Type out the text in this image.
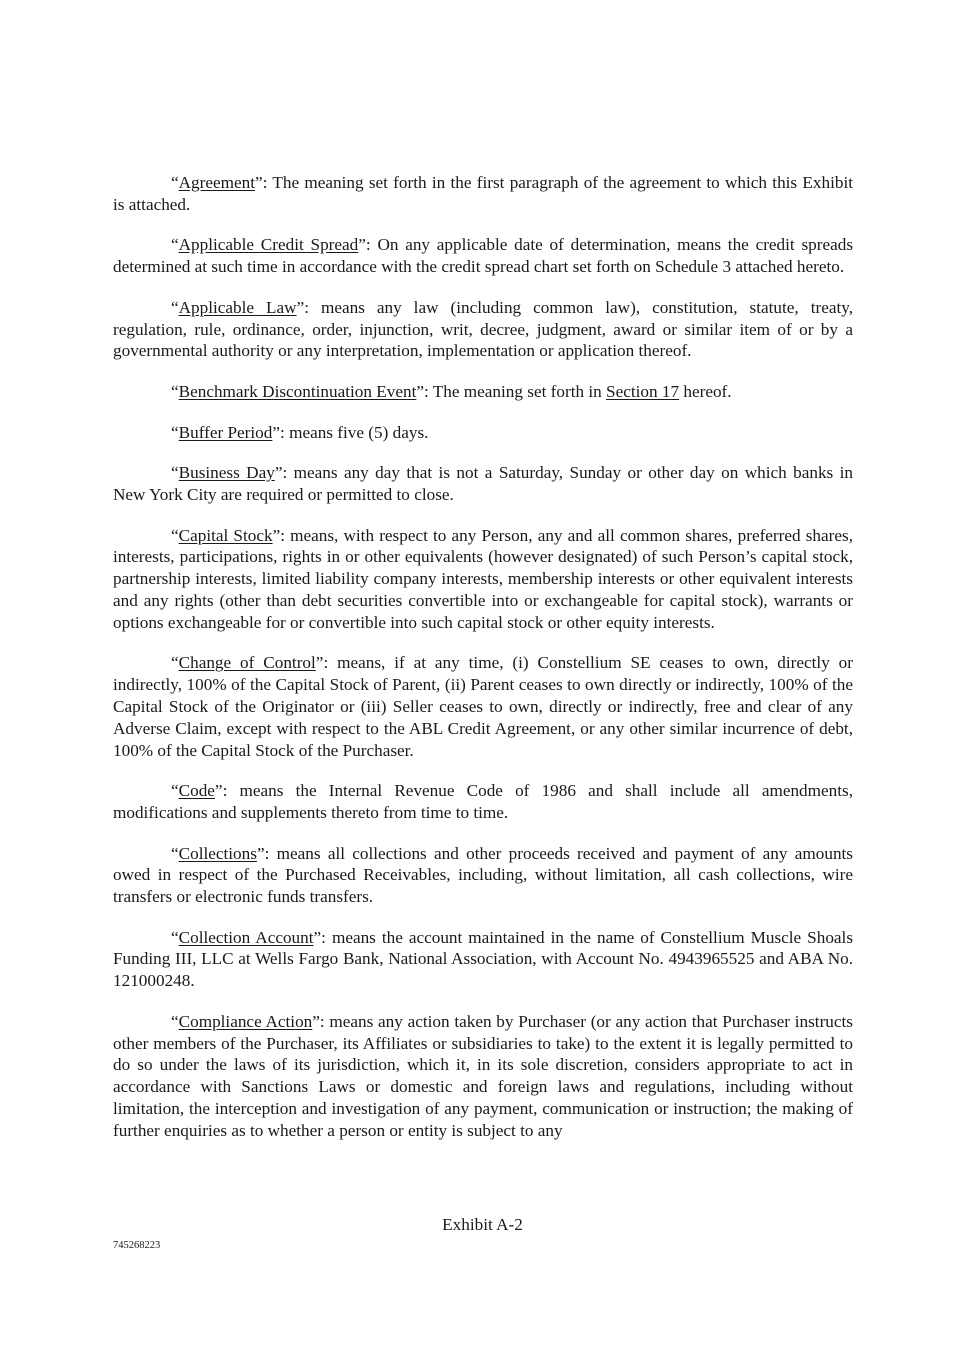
“Agreement”: The meaning set forth in the first paragraph of the agreement to which this Exhibit is attached.

“Applicable Credit Spread”: On any applicable date of determination, means the credit spreads determined at such time in accordance with the credit spread chart set forth on Schedule 3 attached hereto.

“Applicable Law”: means any law (including common law), constitution, statute, treaty, regulation, rule, ordinance, order, injunction, writ, decree, judgment, award or similar item of or by a governmental authority or any interpretation, implementation or application thereof.

“Benchmark Discontinuation Event”: The meaning set forth in Section 17 hereof.

“Buffer Period”: means five (5) days.

“Business Day”: means any day that is not a Saturday, Sunday or other day on which banks in New York City are required or permitted to close.

“Capital Stock”: means, with respect to any Person, any and all common shares, preferred shares, interests, participations, rights in or other equivalents (however designated) of such Person’s capital stock, partnership interests, limited liability company interests, membership interests or other equivalent interests and any rights (other than debt securities convertible into or exchangeable for capital stock), warrants or options exchangeable for or convertible into such capital stock or other equity interests.

“Change of Control”: means, if at any time, (i) Constellium SE ceases to own, directly or indirectly, 100% of the Capital Stock of Parent, (ii) Parent ceases to own directly or indirectly, 100% of the Capital Stock of the Originator or (iii) Seller ceases to own, directly or indirectly, free and clear of any Adverse Claim, except with respect to the ABL Credit Agreement, or any other similar incurrence of debt, 100% of the Capital Stock of the Purchaser.

“Code”: means the Internal Revenue Code of 1986 and shall include all amendments, modifications and supplements thereto from time to time.

“Collections”: means all collections and other proceeds received and payment of any amounts owed in respect of the Purchased Receivables, including, without limitation, all cash collections, wire transfers or electronic funds transfers.

“Collection Account”: means the account maintained in the name of Constellium Muscle Shoals Funding III, LLC at Wells Fargo Bank, National Association, with Account No. 4943965525 and ABA No. 121000248.

“Compliance Action”: means any action taken by Purchaser (or any action that Purchaser instructs other members of the Purchaser, its Affiliates or subsidiaries to take) to the extent it is legally permitted to do so under the laws of its jurisdiction, which it, in its sole discretion, considers appropriate to act in accordance with Sanctions Laws or domestic and foreign laws and regulations, including without limitation, the interception and investigation of any payment, communication or instruction; the making of further enquiries as to whether a person or entity is subject to any

Exhibit A-2
745268223
